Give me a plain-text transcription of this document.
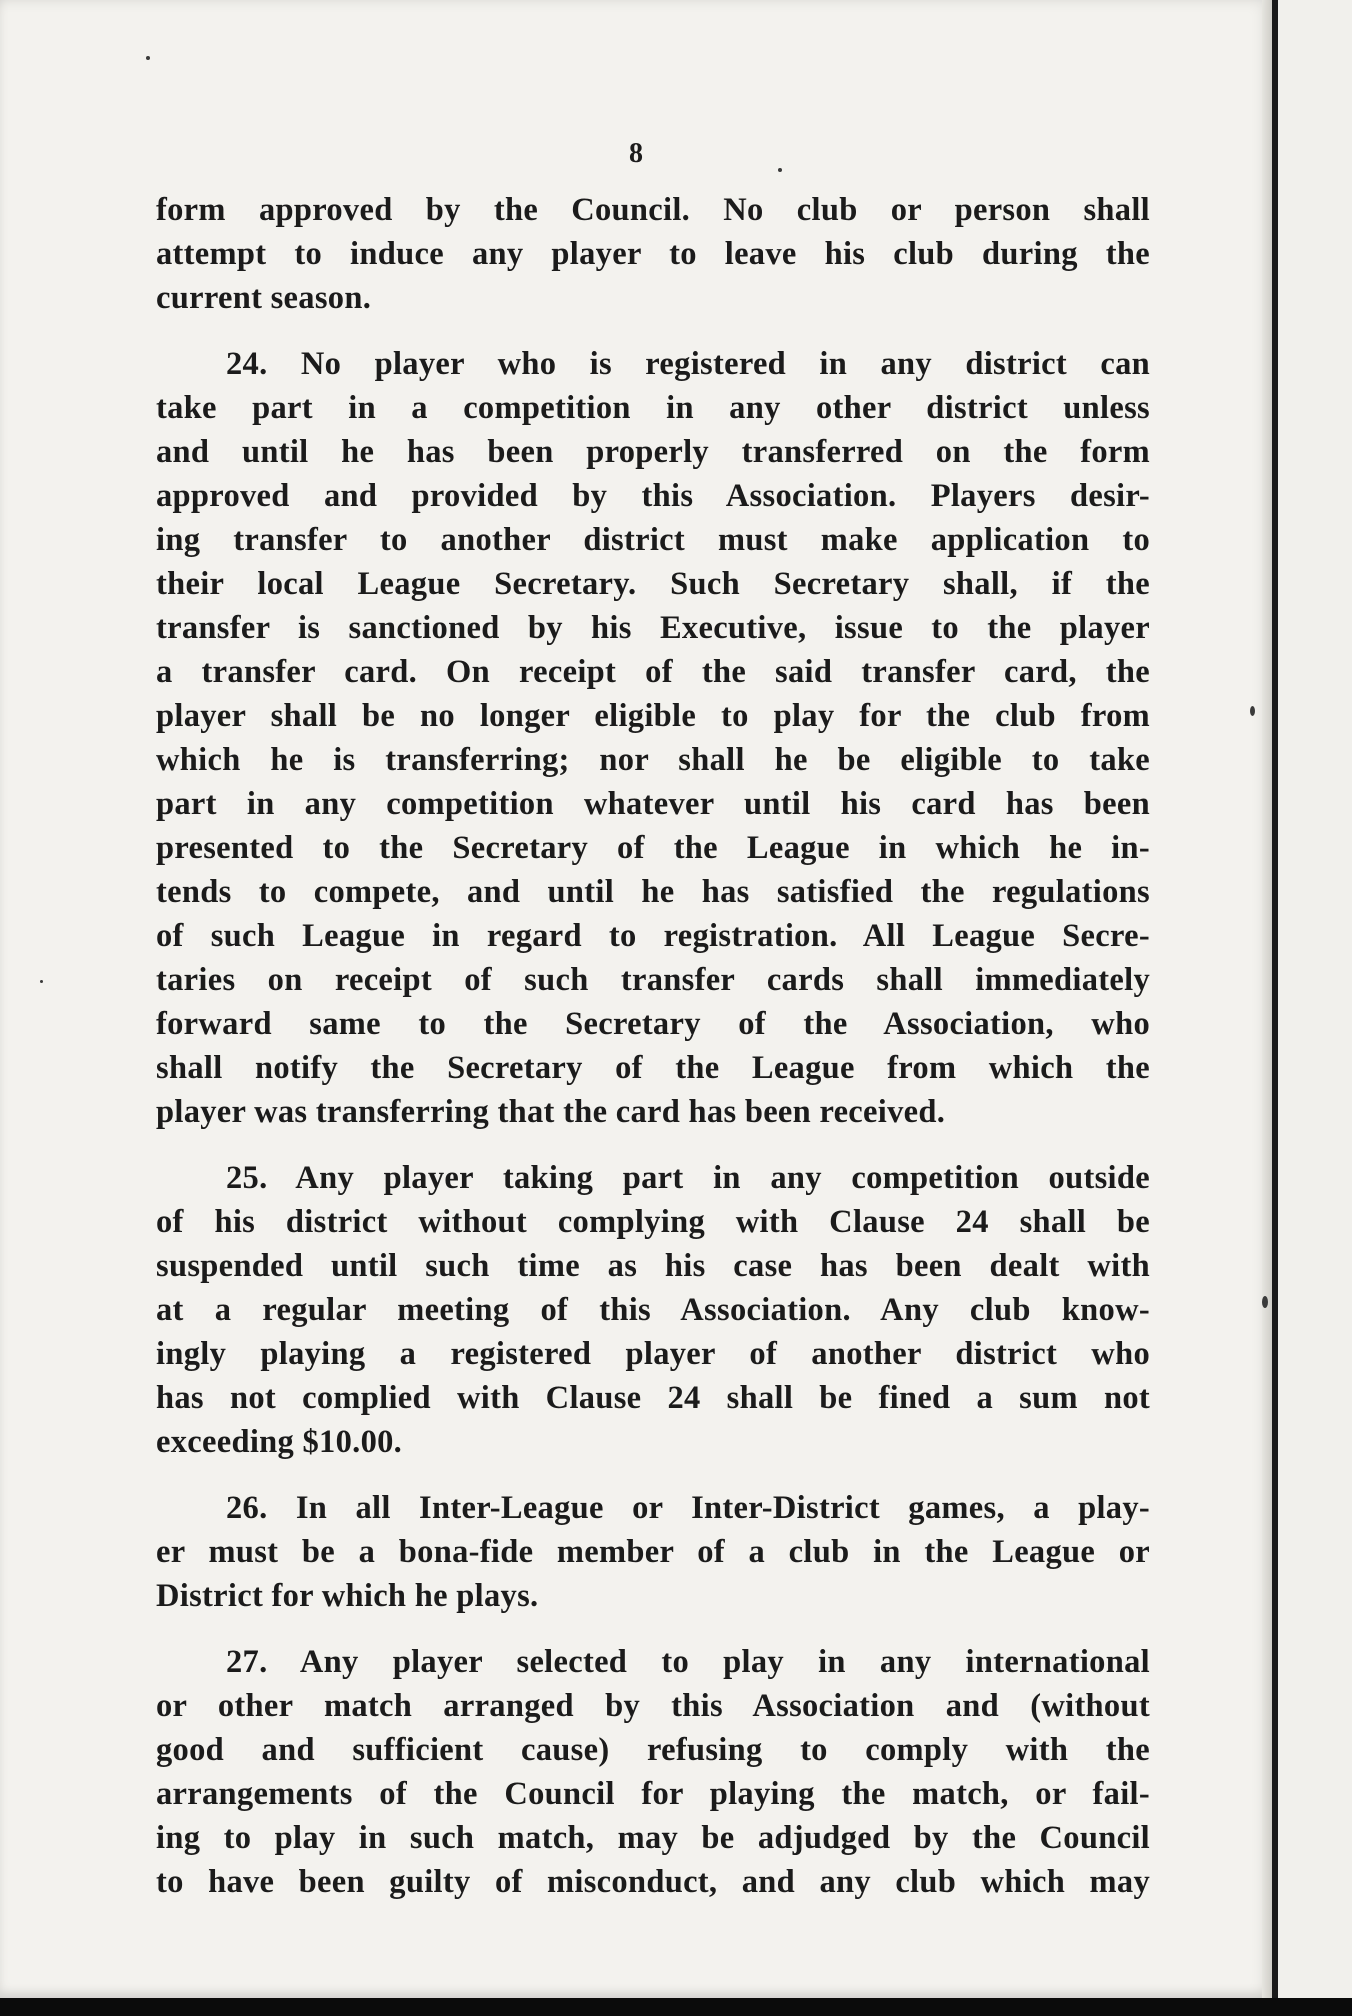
8
form approved by the Council. No club or person shall
attempt to induce any player to leave his club during the
current season.
24. No player who is registered in any district can
take part in a competition in any other district unless
and until he has been properly transferred on the form
approved and provided by this Association. Players desir-
ing transfer to another district must make application to
their local League Secretary. Such Secretary shall, if the
transfer is sanctioned by his Executive, issue to the player
a transfer card. On receipt of the said transfer card, the
player shall be no longer eligible to play for the club from
which he is transferring; nor shall he be eligible to take
part in any competition whatever until his card has been
presented to the Secretary of the League in which he in-
tends to compete, and until he has satisfied the regulations
of such League in regard to registration. All League Secre-
taries on receipt of such transfer cards shall immediately
forward same to the Secretary of the Association, who
shall notify the Secretary of the League from which the
player was transferring that the card has been received.
25. Any player taking part in any competition outside
of his district without complying with Clause 24 shall be
suspended until such time as his case has been dealt with
at a regular meeting of this Association. Any club know-
ingly playing a registered player of another district who
has not complied with Clause 24 shall be fined a sum not
exceeding $10.00.
26. In all Inter-League or Inter-District games, a play-
er must be a bona-fide member of a club in the League or
District for which he plays.
27. Any player selected to play in any international
or other match arranged by this Association and (without
good and sufficient cause) refusing to comply with the
arrangements of the Council for playing the match, or fail-
ing to play in such match, may be adjudged by the Council
to have been guilty of misconduct, and any club which may
